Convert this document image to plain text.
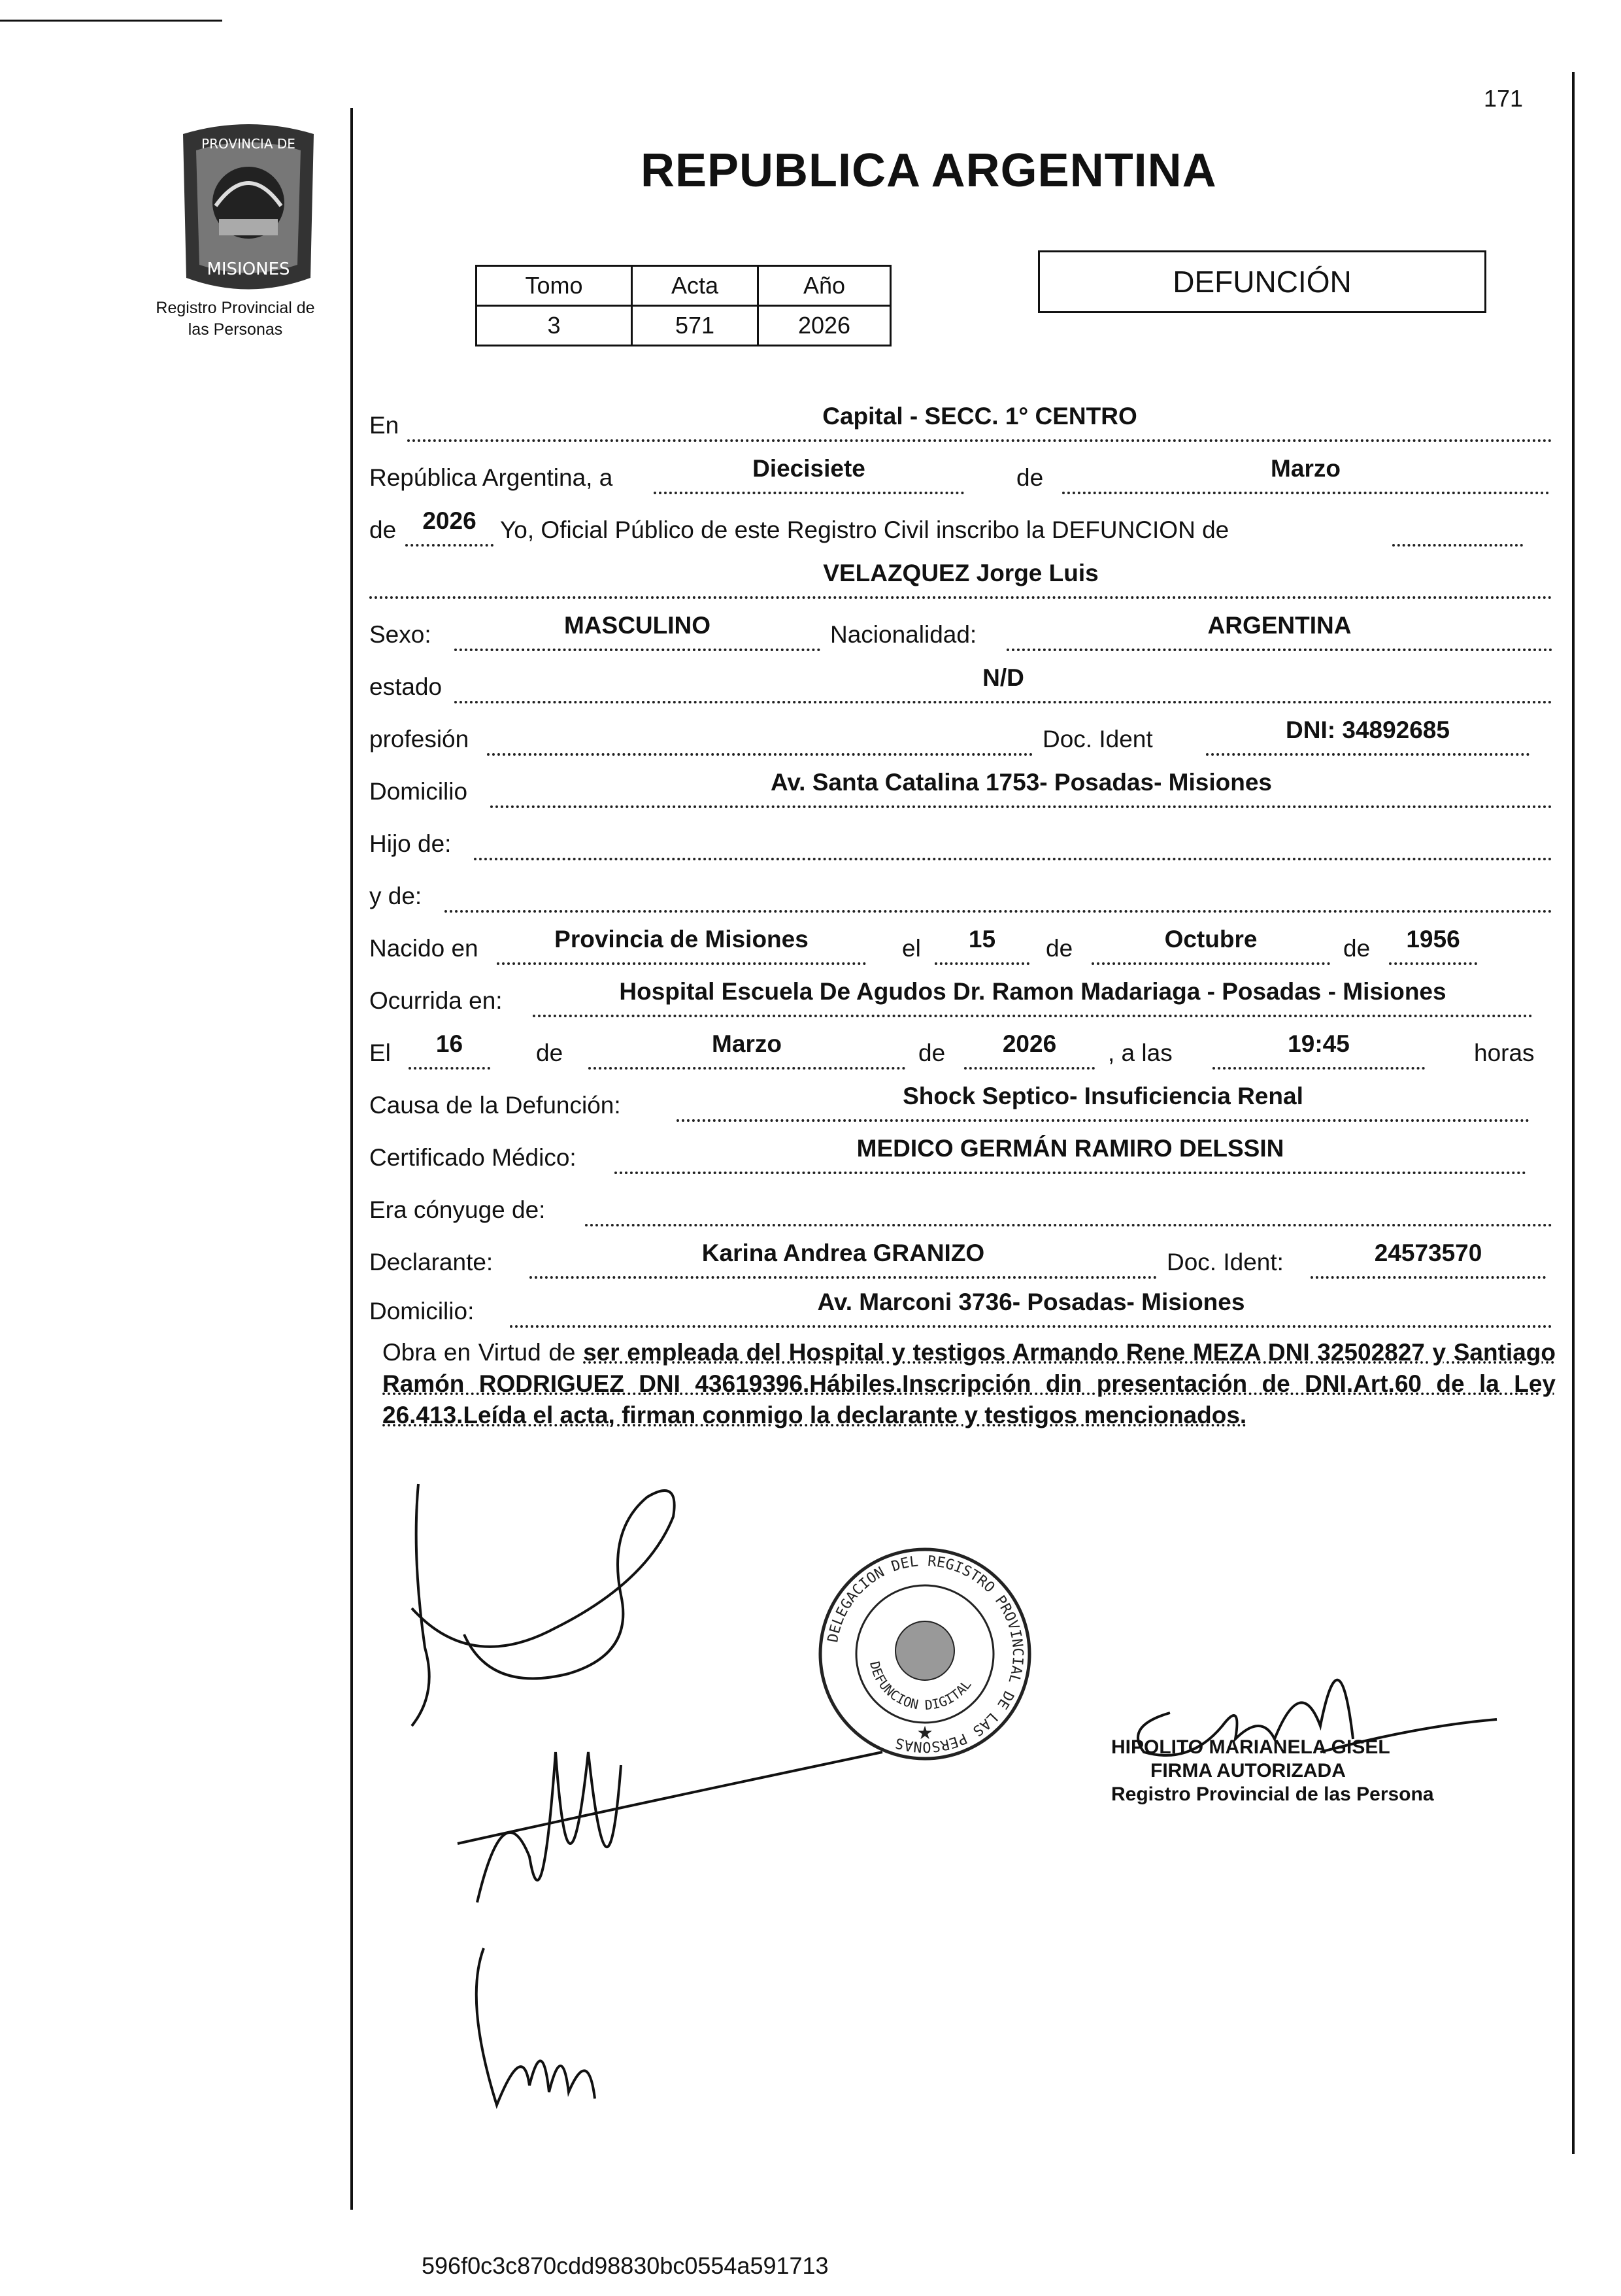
171
PROVINCIA DE
MISIONES
Registro Provincial de
las Personas
REPUBLICA ARGENTINA
Tomo	Acta	Año
3	571	2026
DEFUNCIÓN
En	Capital - SECC. 1° CENTRO
República Argentina, a	Diecisiete	de	Marzo
de	2026 Yo, Oficial Público de este Registro Civil inscribo la DEFUNCION de
VELAZQUEZ Jorge Luis
Sexo:	MASCULINO	Nacionalidad:	ARGENTINA
estado	N/D
profesión	Doc. Ident	DNI: 34892685
Domicilio	Av. Santa Catalina 1753- Posadas- Misiones
Hijo de:
y de:
Nacido en	Provincia de Misiones	el	15	de	Octubre	de	1956
Ocurrida en:	Hospital Escuela De Agudos Dr. Ramon Madariaga - Posadas - Misiones
El	16	de	Marzo	de	2026	, a las	19:45	horas
Causa de la Defunción:	Shock Septico- Insuficiencia Renal
Certificado Médico:	MEDICO GERMÁN RAMIRO DELSSIN
Era cónyuge de:
Declarante:	Karina Andrea GRANIZO	Doc. Ident:	24573570
Domicilio:	Av. Marconi 3736- Posadas- Misiones
Obra en Virtud de ser empleada del Hospital y testigos Armando Rene MEZA DNI 32502827 y Santiago Ramón RODRIGUEZ DNI 43619396.Hábiles.Inscripción din presentación de DNI.Art.60 de la Ley 26.413.Leída el acta, firman conmigo la declarante y testigos mencionados.
DELEGACION DEL REGISTRO PROVINCIAL DE LAS PERSONAS
DEFUNCION DIGITAL
★
HIPOLITO MARIANELA GISEL
FIRMA AUTORIZADA
Registro Provincial de las Persona
596f0c3c870cdd98830bc0554a591713
